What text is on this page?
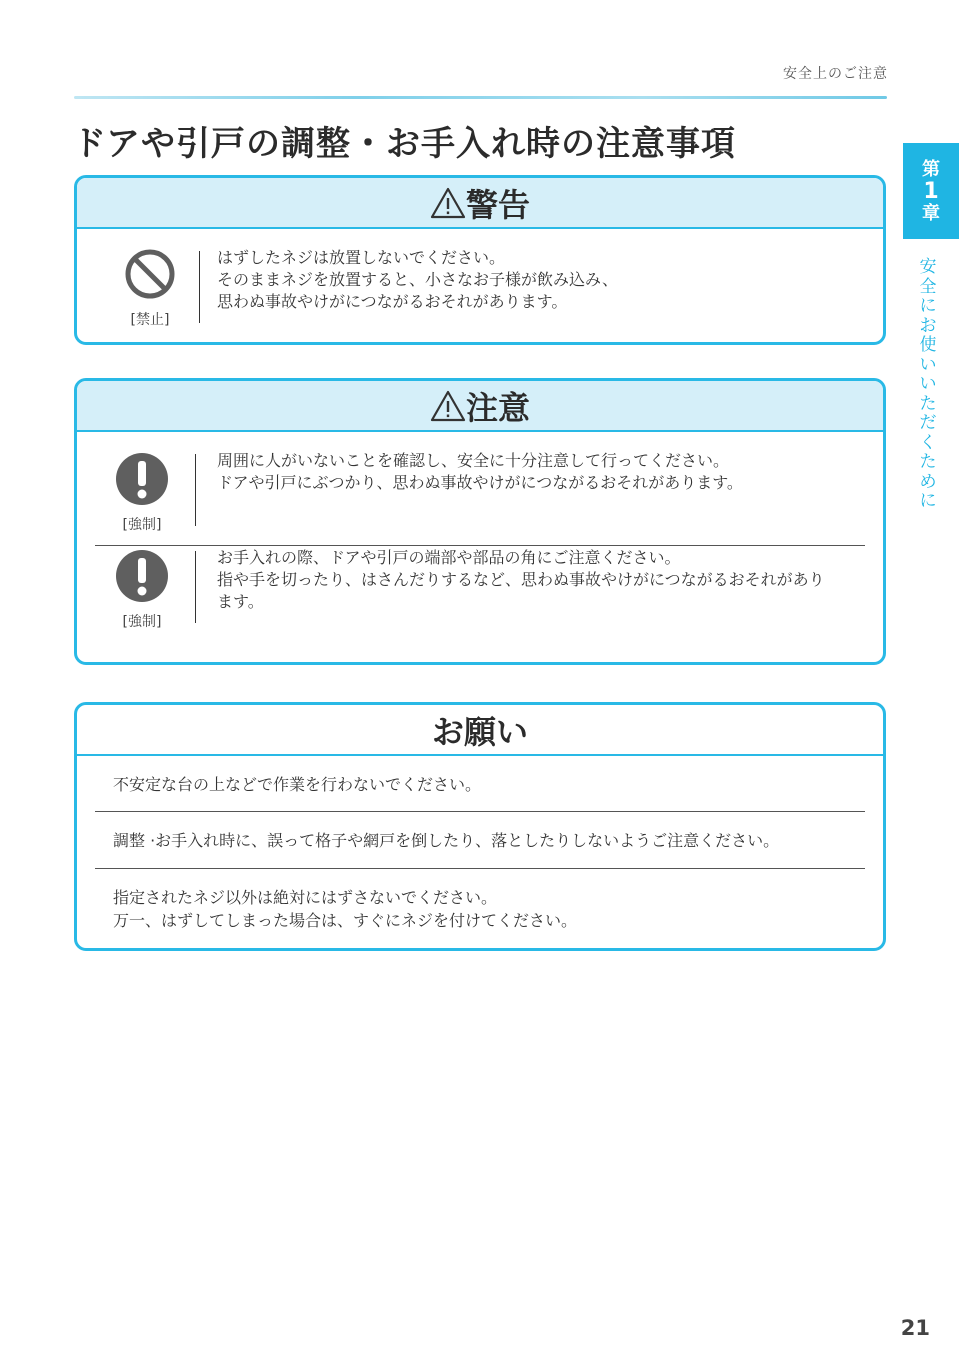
安全上のご注意
ドアや引戸の調整・お手入れ時の注意事項
第
1
章
安全にお使いいただくために
警告
[禁止]
はずしたネジは放置しないでください。
そのままネジを放置すると、小さなお子様が飲み込み、
思わぬ事故やけがにつながるおそれがあります。
注意
[強制]
周囲に人がいないことを確認し、安全に十分注意して行ってください。
ドアや引戸にぶつかり、思わぬ事故やけがにつながるおそれがあります。
[強制]
お手入れの際、ドアや引戸の端部や部品の角にご注意ください。
指や手を切ったり、はさんだりするなど、思わぬ事故やけがにつながるおそれがあり
ます。
お願い
不安定な台の上などで作業を行わないでください。
調整 ·お手入れ時に、誤って格子や網戸を倒したり、落としたりしないようご注意ください。
指定されたネジ以外は絶対にはずさないでください。
万一、はずしてしまった場合は、すぐにネジを付けてください。
21
